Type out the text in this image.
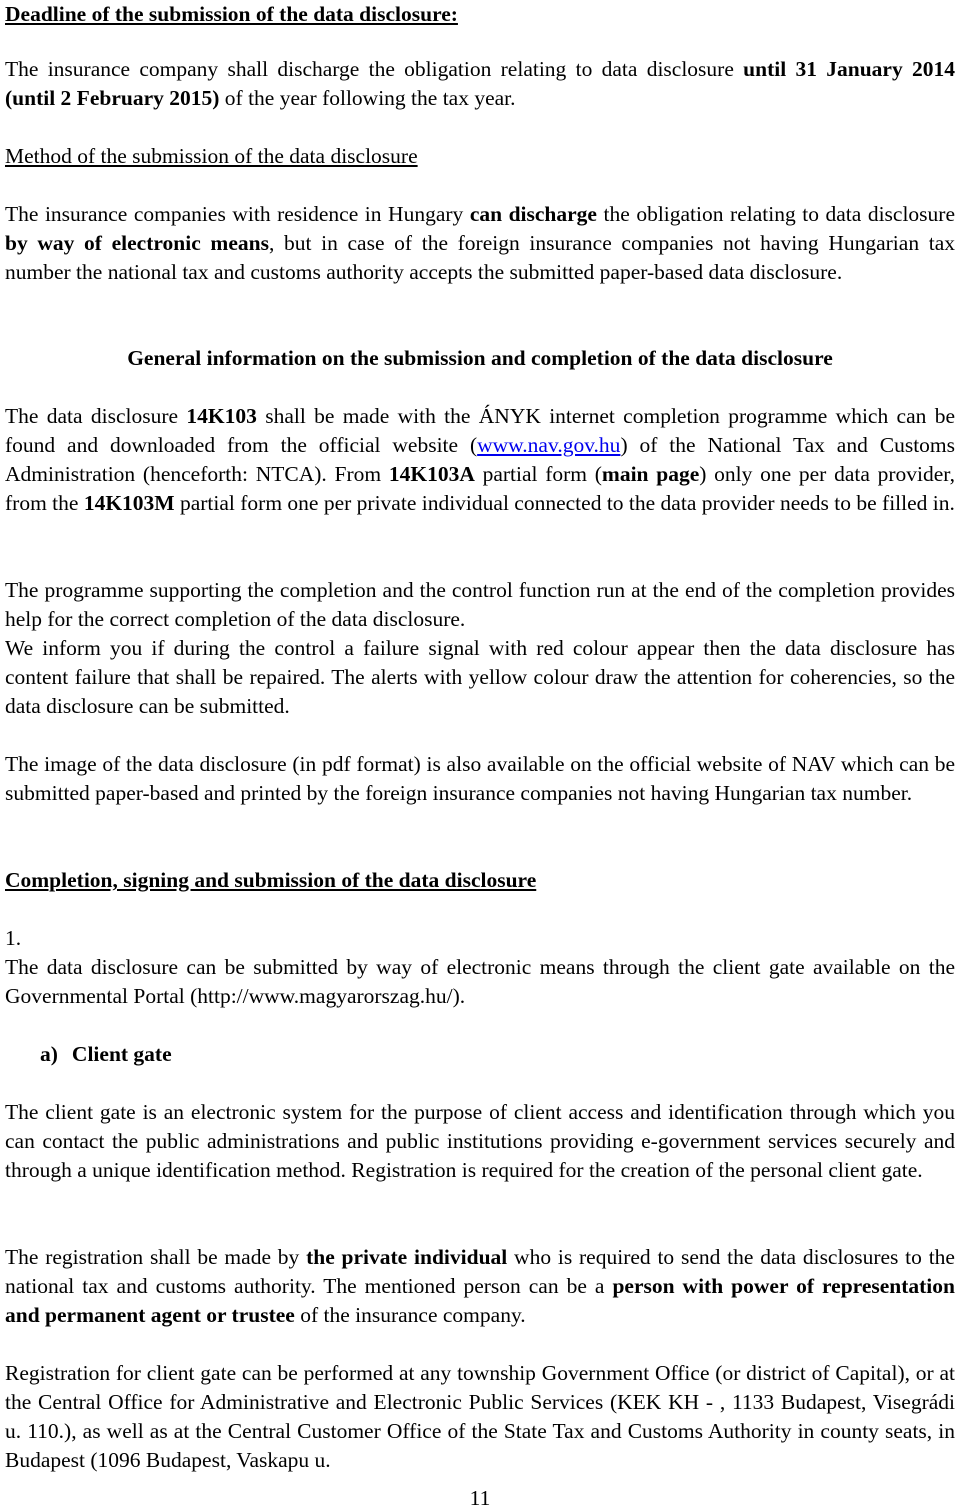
Deadline of the submission of the data disclosure:

The insurance company shall discharge the obligation relating to data disclosure until 31 January 2014 (until 2 February 2015) of the year following the tax year.

Method of the submission of the data disclosure

The insurance companies with residence in Hungary can discharge the obligation relating to data disclosure by way of electronic means, but in case of the foreign insurance companies not having Hungarian tax number the national tax and customs authority accepts the submitted paper-based data disclosure.

General information on the submission and completion of the data disclosure

The data disclosure 14K103 shall be made with the ÁNYK internet completion programme which can be found and downloaded from the official website (www.nav.gov.hu) of the National Tax and Customs Administration (henceforth: NTCA). From 14K103A partial form (main page) only one per data provider, from the 14K103M partial form one per private individual connected to the data provider needs to be filled in.

The programme supporting the completion and the control function run at the end of the completion provides help for the correct completion of the data disclosure.

We inform you if during the control a failure signal with red colour appear then the data disclosure has content failure that shall be repaired. The alerts with yellow colour draw the attention for coherencies, so the data disclosure can be submitted.

The image of the data disclosure (in pdf format) is also available on the official website of NAV which can be submitted paper-based and printed by the foreign insurance companies not having Hungarian tax number.

Completion, signing and submission of the data disclosure

1.

The data disclosure can be submitted by way of electronic means through the client gate available on the Governmental Portal (http://www.magyarorszag.hu/).

a) Client gate

The client gate is an electronic system for the purpose of client access and identification through which you can contact the public administrations and public institutions providing e-government services securely and through a unique identification method. Registration is required for the creation of the personal client gate.

The registration shall be made by the private individual who is required to send the data disclosures to the national tax and customs authority. The mentioned person can be a person with power of representation and permanent agent or trustee of the insurance company.

Registration for client gate can be performed at any township Government Office (or district of Capital), or at the Central Office for Administrative and Electronic Public Services (KEK KH - , 1133 Budapest, Visegrádi u. 110.), as well as at the Central Customer Office of the State Tax and Customs Authority in county seats, in Budapest (1096 Budapest, Vaskapu u.

11
